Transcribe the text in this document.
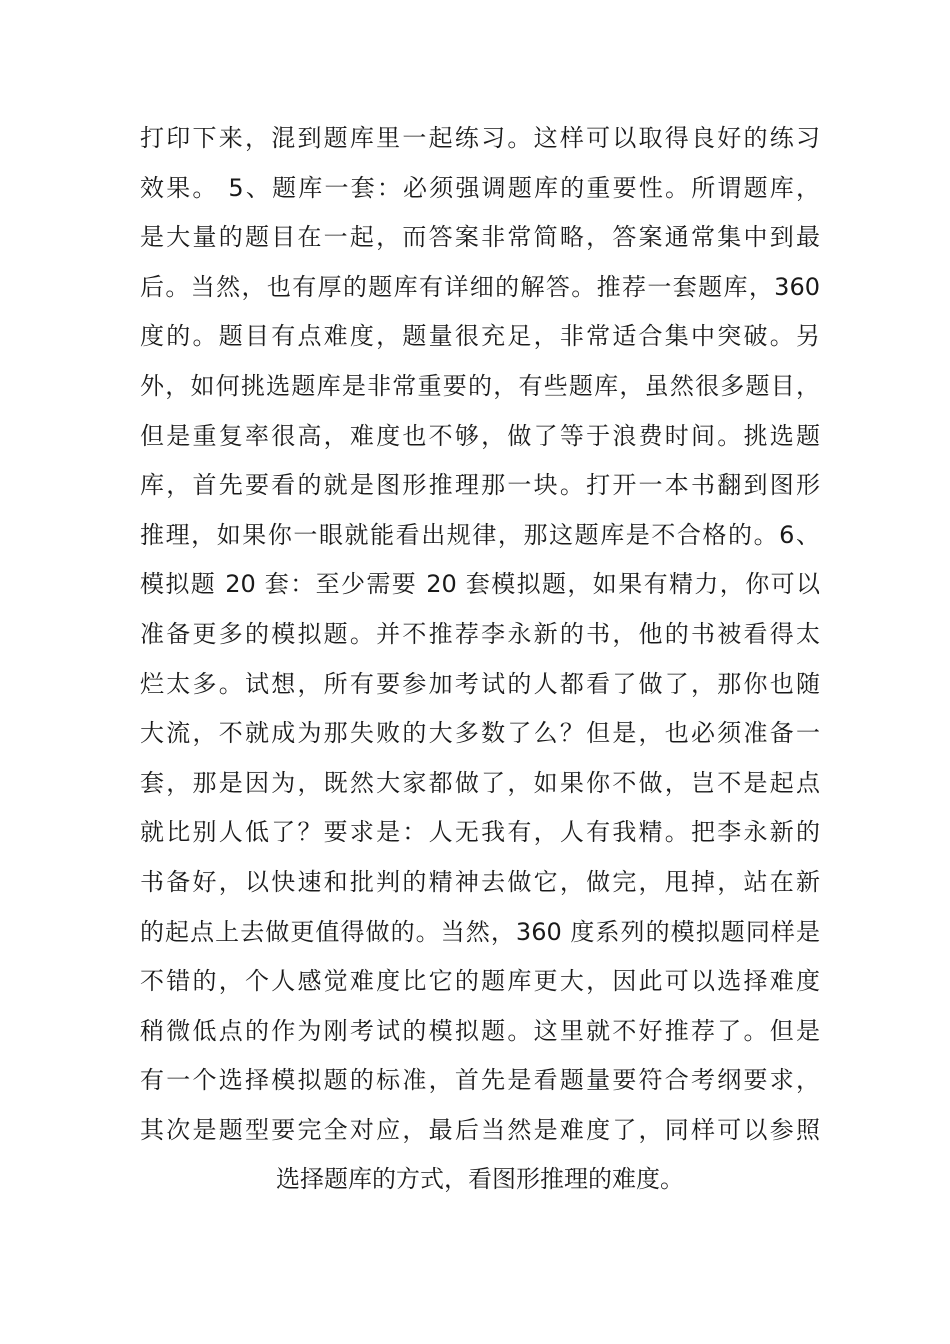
打印下来，混到题库里一起练习。这样可以取得良好的练习
效果。 5、题库一套：必须强调题库的重要性。所谓题库，
是大量的题目在一起，而答案非常简略，答案通常集中到最
后。当然，也有厚的题库有详细的解答。推荐一套题库，360
度的。题目有点难度，题量很充足，非常适合集中突破。另
外，如何挑选题库是非常重要的，有些题库，虽然很多题目，
但是重复率很高，难度也不够，做了等于浪费时间。挑选题
库，首先要看的就是图形推理那一块。打开一本书翻到图形
推理，如果你一眼就能看出规律，那这题库是不合格的。6、
模拟题 20 套：至少需要 20 套模拟题，如果有精力，你可以
准备更多的模拟题。并不推荐李永新的书，他的书被看得太
烂太多。试想，所有要参加考试的人都看了做了，那你也随
大流，不就成为那失败的大多数了么？但是，也必须准备一
套，那是因为，既然大家都做了，如果你不做，岂不是起点
就比别人低了？要求是：人无我有，人有我精。把李永新的
书备好，以快速和批判的精神去做它，做完，甩掉，站在新
的起点上去做更值得做的。当然，360 度系列的模拟题同样是
不错的，个人感觉难度比它的题库更大，因此可以选择难度
稍微低点的作为刚考试的模拟题。这里就不好推荐了。但是
有一个选择模拟题的标准，首先是看题量要符合考纲要求，
其次是题型要完全对应，最后当然是难度了，同样可以参照
选择题库的方式，看图形推理的难度。
